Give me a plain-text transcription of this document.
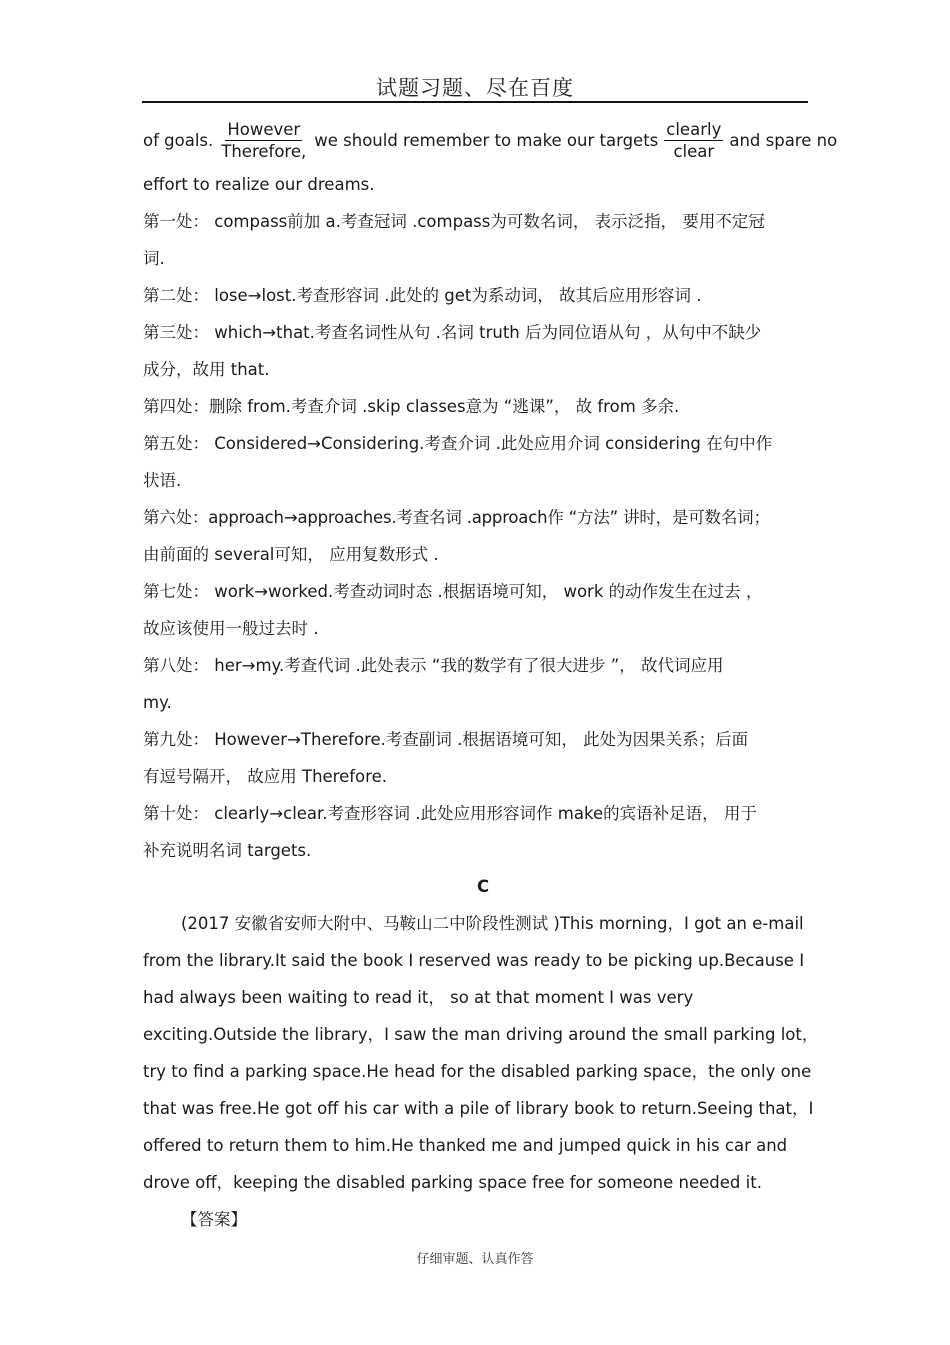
试题习题、尽在百度
of goals. $\frac{\text{However}}{\text{Therefore,}}$ we should remember to make our targets $\frac{\text{clearly}}{\text{clear}}$ and spare no

effort to realize our dreams.

第一处： compass前加 a.考查冠词 .compass为可数名词， 表示泛指， 要用不定冠

词.

第二处： lose→lost.考查形容词 .此处的 get为系动词， 故其后应用形容词 .

第三处： which→that.考查名词性从句 .名词 truth 后为同位语从句 ，从句中不缺少

成分，故用 that.

第四处：删除 from.考查介词 .skip classes意为 “逃课”， 故 from 多余.

第五处： Considered→Considering.考查介词 .此处应用介词 considering 在句中作

状语.

第六处：approach→approaches.考查名词 .approach作 “方法” 讲时，是可数名词；

由前面的 several可知， 应用复数形式 .

第七处： work→worked.考查动词时态 .根据语境可知， work 的动作发生在过去 ，

故应该使用一般过去时 .

第八处： her→my.考查代词 .此处表示 “我的数学有了很大进步 ”， 故代词应用

my.

第九处： However→Therefore.考查副词 .根据语境可知， 此处为因果关系；后面

有逗号隔开， 故应用 Therefore.

第十处： clearly→clear.考查形容词 .此处应用形容词作 make的宾语补足语， 用于

补充说明名词 targets.

C

(2017 安徽省安师大附中、马鞍山二中阶段性测试 )This morning，I got an e-mail from the library.It said the book I reserved was ready to be picking up.Because I had always been waiting to read it， so at that moment I was very exciting.Outside the library，I saw the man driving around the small parking lot，try to find a parking space.He head for the disabled parking space，the only one that was free.He got off his car with a pile of library book to return.Seeing that，I offered to return them to him.He thanked me and jumped quick in his car and drove off，keeping the disabled parking space free for someone needed it.

【答案】

仔细审题、认真作答
